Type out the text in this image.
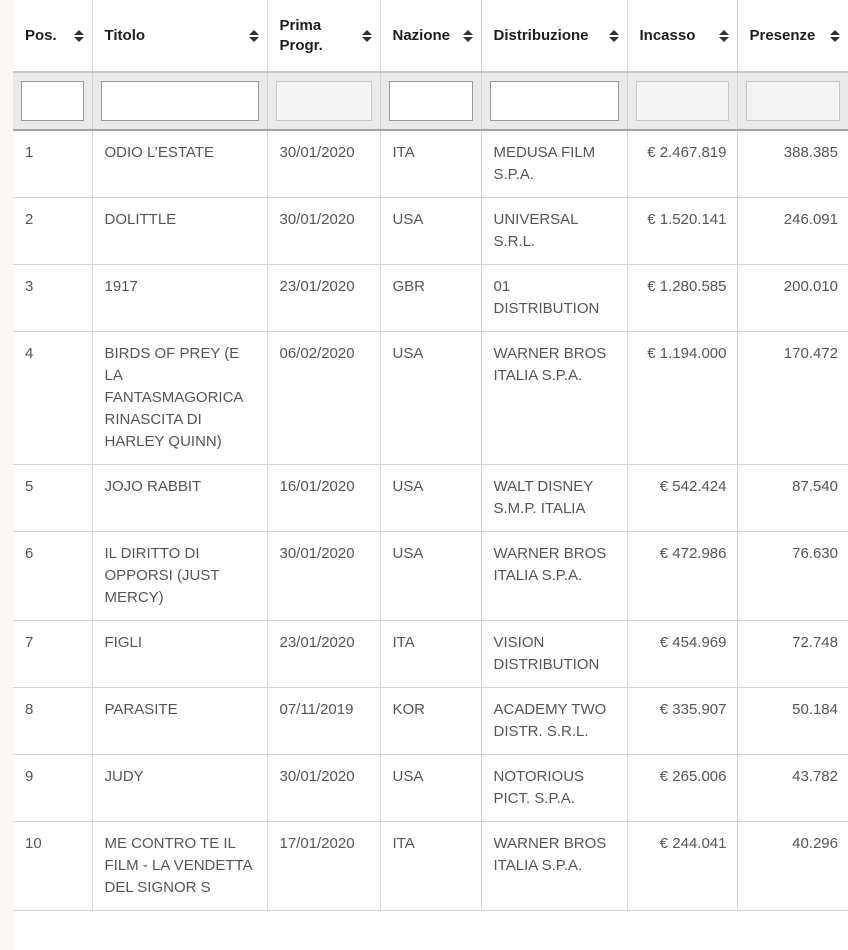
Pos.	Titolo	Prima Progr.	Nazione	Distribuzione	Incasso	Presenze

1	ODIO L’ESTATE	30/01/2020	ITA	MEDUSA FILM S.P.A.	€ 2.467.819	388.385
2	DOLITTLE	30/01/2020	USA	UNIVERSAL S.R.L.	€ 1.520.141	246.091
3	1917	23/01/2020	GBR	01 DISTRIBUTION	€ 1.280.585	200.010
4	BIRDS OF PREY (E LA FANTASMAGORICA RINASCITA DI HARLEY QUINN)	06/02/2020	USA	WARNER BROS ITALIA S.P.A.	€ 1.194.000	170.472
5	JOJO RABBIT	16/01/2020	USA	WALT DISNEY S.M.P. ITALIA	€ 542.424	87.540
6	IL DIRITTO DI OPPORSI (JUST MERCY)	30/01/2020	USA	WARNER BROS ITALIA S.P.A.	€ 472.986	76.630
7	FIGLI	23/01/2020	ITA	VISION DISTRIBUTION	€ 454.969	72.748
8	PARASITE	07/11/2019	KOR	ACADEMY TWO DISTR. S.R.L.	€ 335.907	50.184
9	JUDY	30/01/2020	USA	NOTORIOUS PICT. S.P.A.	€ 265.006	43.782
10	ME CONTRO TE IL FILM - LA VENDETTA DEL SIGNOR S	17/01/2020	ITA	WARNER BROS ITALIA S.P.A.	€ 244.041	40.296
